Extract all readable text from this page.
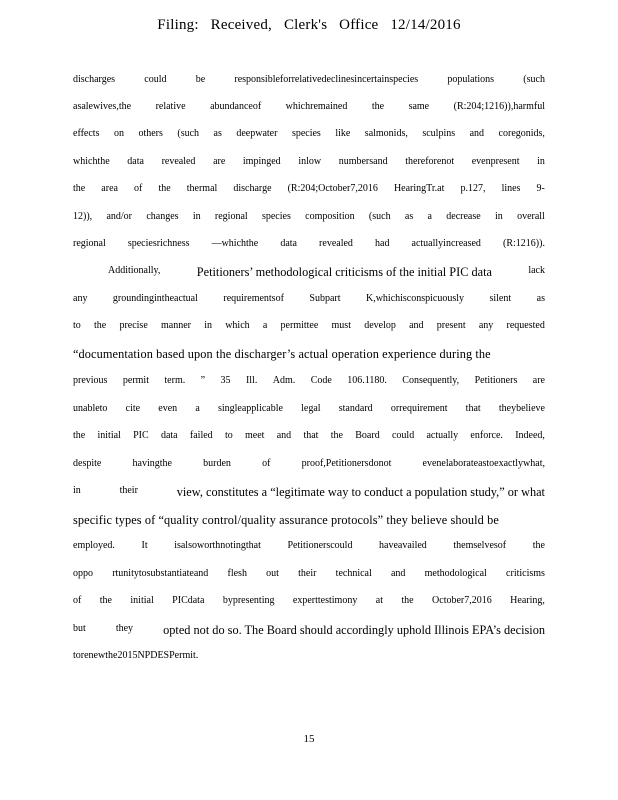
Filing: Received, Clerk's Office 12/14/2016
discharges	could	be	responsibleforrelativedeclinesincertainspecies	populations	(such
asalewives,the relative abundanceof whichremained the same (R:204;1216)),harmful
effects on others (such as deepwater species like salmonids, sculpins and coregonids,
whichthe data revealed are impinged inlow numbersand thereforenot evenpresent in
the area of the thermal discharge (R:204;October7,2016 HearingTr.at p.127, lines 9-
12)), and/or changes in regional species composition (such as a decrease in overall
regional speciesrichness —whichthe data revealed had actuallyincreased (R:1216)).
Additionally,	Petitioners’ methodological criticisms of the initial PIC data	lack
any	groundingintheactual	requirementsof	Subpart	K,whichisconspicuously	silent	as
to the precise manner in which a permittee must develop and present any requested
“documentation based upon the discharger’s actual operation experience during the
previous permit term. ” 35 Ill. Adm. Code 106.1180. Consequently, Petitioners are
unableto cite even a singleapplicable legal standard orrequirement that theybelieve
the initial PIC data failed to meet and that the Board could actually enforce. Indeed,
despite	havingthe	burden	of	proof,Petitionersdonot	evenelaborateastoexactlywhat,
in	their	view, constitutes a “legitimate way to conduct a population study,” or what
specific types of “quality control/quality assurance protocols” they believe should be
employed.	It	isalsoworthnotingthat	Petitionerscould	haveavailed	themselvesof	the
oppo rtunitytosubstantiateand flesh out their technical and methodological criticisms
of the initial PICdata bypresenting experttestimony at the October7,2016 Hearing,
but	they opted not do so. The Board should accordingly uphold Illinois EPA’s decision
to renew the 2015 NPDES Permit.
15
